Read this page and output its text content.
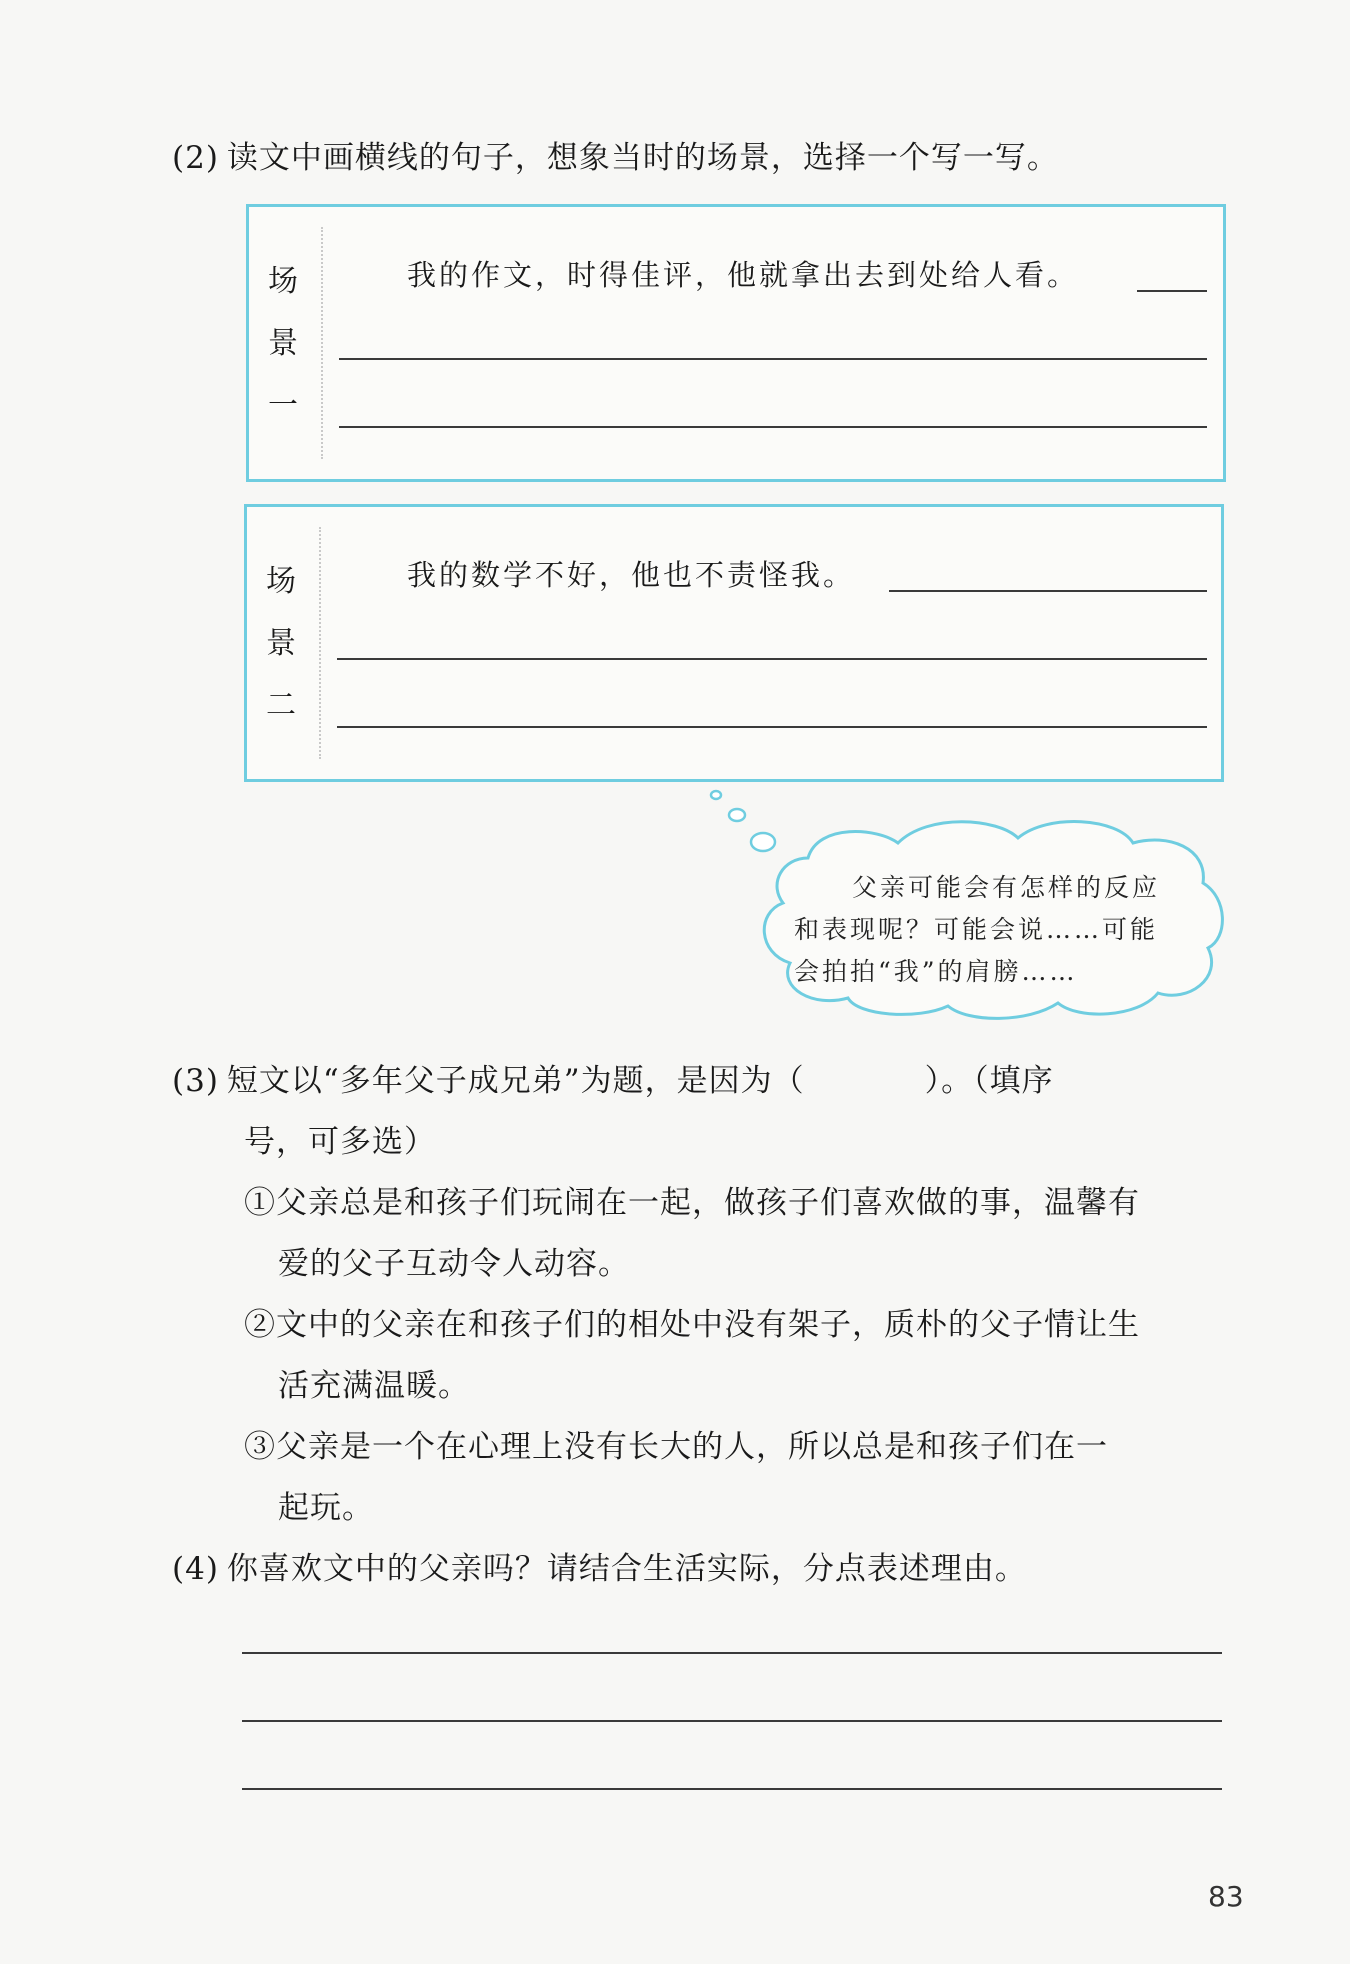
(2) 读文中画横线的句子，想象当时的场景，选择一个写一写。
场
景
一
我的作文，时得佳评，他就拿出去到处给人看。
场
景
二
我的数学不好，他也不责怪我。
父亲可能会有怎样的反应
和表现呢？可能会说……可能
会拍拍“我”的肩膀……
(3) 短文以“多年父子成兄弟”为题，是因为（	）。（填序
号，可多选）
①父亲总是和孩子们玩闹在一起，做孩子们喜欢做的事，温馨有
爱的父子互动令人动容。
②文中的父亲在和孩子们的相处中没有架子，质朴的父子情让生
活充满温暖。
③父亲是一个在心理上没有长大的人，所以总是和孩子们在一
起玩。
(4) 你喜欢文中的父亲吗？请结合生活实际，分点表述理由。
83
